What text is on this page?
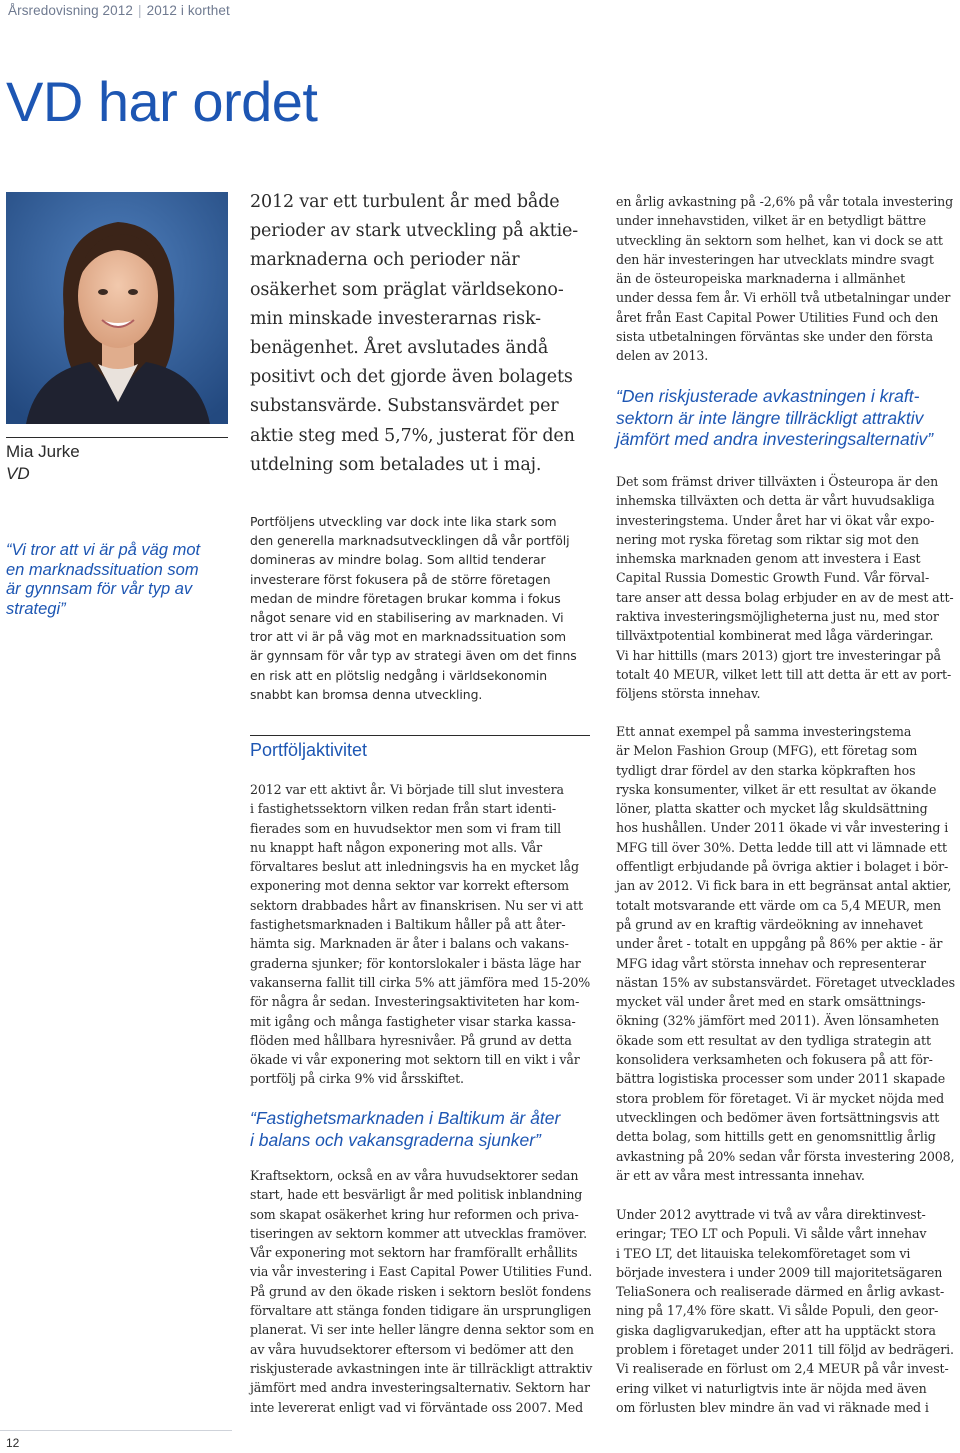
Årsredovisning 2012 | 2012 i korthet
VD har ordet
Mia Jurke
VD
“Vi tror att vi är på väg mot
en marknadssituation som
är gynnsam för vår typ av
strategi”
2012 var ett turbulent år med både
perioder av stark utveckling på aktie-
marknaderna och perioder när
osäkerhet som präglat världsekono-
min minskade investerarnas risk-
benägenhet. Året avslutades ändå
positivt och det gjorde även bolagets
substansvärde. Substansvärdet per
aktie steg med 5,7%, justerat för den
utdelning som betalades ut i maj.
Portföljens utveckling var dock inte lika stark som
den generella marknadsutvecklingen då vår portfölj
domineras av mindre bolag. Som alltid tenderar
investerare först fokusera på de större företagen
medan de mindre företagen brukar komma i fokus
något senare vid en stabilisering av marknaden. Vi
tror att vi är på väg mot en marknadssituation som
är gynnsam för vår typ av strategi även om det finns
en risk att en plötslig nedgång i världsekonomin
snabbt kan bromsa denna utveckling.
Portföljaktivitet
2012 var ett aktivt år. Vi började till slut investera
i fastighetssektorn vilken redan från start identi-
fierades som en huvudsektor men som vi fram till
nu knappt haft någon exponering mot alls. Vår
förvaltares beslut att inledningsvis ha en mycket låg
exponering mot denna sektor var korrekt eftersom
sektorn drabbades hårt av finanskrisen. Nu ser vi att
fastighetsmarknaden i Baltikum håller på att åter-
hämta sig. Marknaden är åter i balans och vakans-
graderna sjunker; för kontorslokaler i bästa läge har
vakanserna fallit till cirka 5% att jämföra med 15-20%
för några år sedan. Investeringsaktiviteten har kom-
mit igång och många fastigheter visar starka kassa-
flöden med hållbara hyresnivåer. På grund av detta
ökade vi vår exponering mot sektorn till en vikt i vår
portfölj på cirka 9% vid årsskiftet.
“Fastighetsmarknaden i Baltikum är åter
i balans och vakansgraderna sjunker”
Kraftsektorn, också en av våra huvudsektorer sedan
start, hade ett besvärligt år med politisk inblandning
som skapat osäkerhet kring hur reformen och priva-
tiseringen av sektorn kommer att utvecklas framöver.
Vår exponering mot sektorn har framförallt erhållits
via vår investering i East Capital Power Utilities Fund.
På grund av den ökade risken i sektorn beslöt fondens
förvaltare att stänga fonden tidigare än ursprungligen
planerat. Vi ser inte heller längre denna sektor som en
av våra huvudsektorer eftersom vi bedömer att den
riskjusterade avkastningen inte är tillräckligt attraktiv
jämfört med andra investeringsalternativ. Sektorn har
inte levererat enligt vad vi förväntade oss 2007. Med
en årlig avkastning på -2,6% på vår totala investering
under innehavstiden, vilket är en betydligt bättre
utveckling än sektorn som helhet, kan vi dock se att
den här investeringen har utvecklats mindre svagt
än de östeuropeiska marknaderna i allmänhet
under dessa fem år. Vi erhöll två utbetalningar under
året från East Capital Power Utilities Fund och den
sista utbetalningen förväntas ske under den första
delen av 2013.
“Den riskjusterade avkastningen i kraft-
sektorn är inte längre tillräckligt attraktiv
jämfört med andra investeringsalternativ”
Det som främst driver tillväxten i Östeuropa är den
inhemska tillväxten och detta är vårt huvudsakliga
investeringstema. Under året har vi ökat vår expo-
nering mot ryska företag som riktar sig mot den
inhemska marknaden genom att investera i East
Capital Russia Domestic Growth Fund. Vår förval-
tare anser att dessa bolag erbjuder en av de mest att-
raktiva investeringsmöjligheterna just nu, med stor
tillväxtpotential kombinerat med låga värderingar.
Vi har hittills (mars 2013) gjort tre investeringar på
totalt 40 MEUR, vilket lett till att detta är ett av port-
följens största innehav.
Ett annat exempel på samma investeringstema
är Melon Fashion Group (MFG), ett företag som
tydligt drar fördel av den starka köpkraften hos
ryska konsumenter, vilket är ett resultat av ökande
löner, platta skatter och mycket låg skuldsättning
hos hushållen. Under 2011 ökade vi vår investering i
MFG till över 30%. Detta ledde till att vi lämnade ett
offentligt erbjudande på övriga aktier i bolaget i bör-
jan av 2012. Vi fick bara in ett begränsat antal aktier,
totalt motsvarande ett värde om ca 5,4 MEUR, men
på grund av en kraftig värdeökning av innehavet
under året - totalt en uppgång på 86% per aktie - är
MFG idag vårt största innehav och representerar
nästan 15% av substansvärdet. Företaget utvecklades
mycket väl under året med en stark omsättnings-
ökning (32% jämfört med 2011). Även lönsamheten
ökade som ett resultat av den tydliga strategin att
konsolidera verksamheten och fokusera på att för-
bättra logistiska processer som under 2011 skapade
stora problem för företaget. Vi är mycket nöjda med
utvecklingen och bedömer även fortsättningsvis att
detta bolag, som hittills gett en genomsnittlig årlig
avkastning på 20% sedan vår första investering 2008,
är ett av våra mest intressanta innehav.
Under 2012 avyttrade vi två av våra direktinvest-
eringar; TEO LT och Populi. Vi sålde vårt innehav
i TEO LT, det litauiska telekomföretaget som vi
började investera i under 2009 till majoritetsägaren
TeliaSonera och realiserade därmed en årlig avkast-
ning på 17,4% före skatt. Vi sålde Populi, den geor-
giska dagligvarukedjan, efter att ha upptäckt stora
problem i företaget under 2011 till följd av bedrägeri.
Vi realiserade en förlust om 2,4 MEUR på vår invest-
ering vilket vi naturligtvis inte är nöjda med även
om förlusten blev mindre än vad vi räknade med i
12
